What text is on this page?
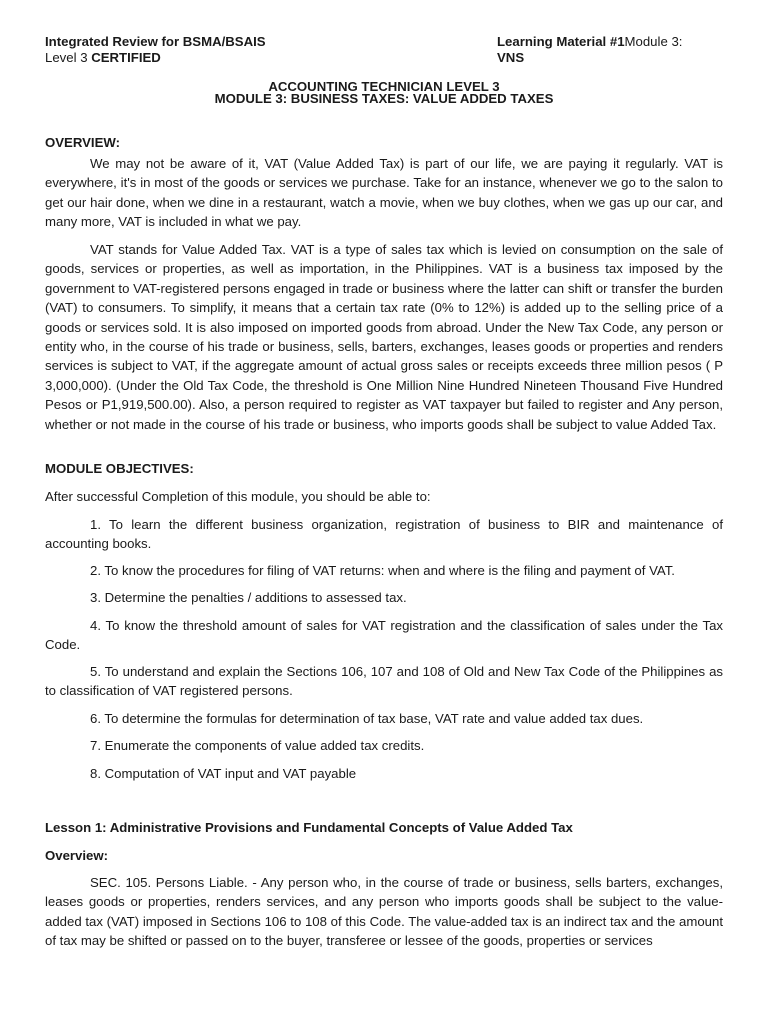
Integrated Review for BSMA/BSAIS
Level 3 CERTIFIED
Learning Material #1Module 3:
VNS
ACCOUNTING TECHNICIAN LEVEL 3
MODULE 3: BUSINESS TAXES: VALUE ADDED TAXES
OVERVIEW:

We may not be aware of it, VAT (Value Added Tax) is part of our life, we are paying it regularly. VAT is everywhere, it's in most of the goods or services we purchase. Take for an instance, whenever we go to the salon to get our hair done, when we dine in a restaurant, watch a movie, when we buy clothes, when we gas up our car, and many more, VAT is included in what we pay.

VAT stands for Value Added Tax. VAT is a type of sales tax which is levied on consumption on the sale of goods, services or properties, as well as importation, in the Philippines. VAT is a business tax imposed by the government to VAT-registered persons engaged in trade or business where the latter can shift or transfer the burden (VAT) to consumers. To simplify, it means that a certain tax rate (0% to 12%) is added up to the selling price of a goods or services sold. It is also imposed on imported goods from abroad. Under the New Tax Code, any person or entity who, in the course of his trade or business, sells, barters, exchanges, leases goods or properties and renders services is subject to VAT, if the aggregate amount of actual gross sales or receipts exceeds three million pesos ( P 3,000,000). (Under the Old Tax Code, the threshold is One Million Nine Hundred Nineteen Thousand Five Hundred Pesos or P1,919,500.00). Also, a person required to register as VAT taxpayer but failed to register and Any person, whether or not made in the course of his trade or business, who imports goods shall be subject to value Added Tax.

MODULE OBJECTIVES:
After successful Completion of this module, you should be able to:

1. To learn the different business organization, registration of business to BIR and maintenance of accounting books.

2. To know the procedures for filing of VAT returns: when and where is the filing and payment of VAT.

3. Determine the penalties / additions to assessed tax.

4. To know the threshold amount of sales for VAT registration and the classification of sales under the Tax Code.

5. To understand and explain the Sections 106, 107 and 108 of Old and New Tax Code of the Philippines as to classification of VAT registered persons.

6. To determine the formulas for determination of tax base, VAT rate and value added tax dues.

7. Enumerate the components of value added tax credits.

8. Computation of VAT input and VAT payable

Lesson 1: Administrative Provisions and Fundamental Concepts of Value Added Tax
Overview:

SEC. 105. Persons Liable. - Any person who, in the course of trade or business, sells barters, exchanges, leases goods or properties, renders services, and any person who imports goods shall be subject to the value-added tax (VAT) imposed in Sections 106 to 108 of this Code. The value-added tax is an indirect tax and the amount of tax may be shifted or passed on to the buyer, transferee or lessee of the goods, properties or services
